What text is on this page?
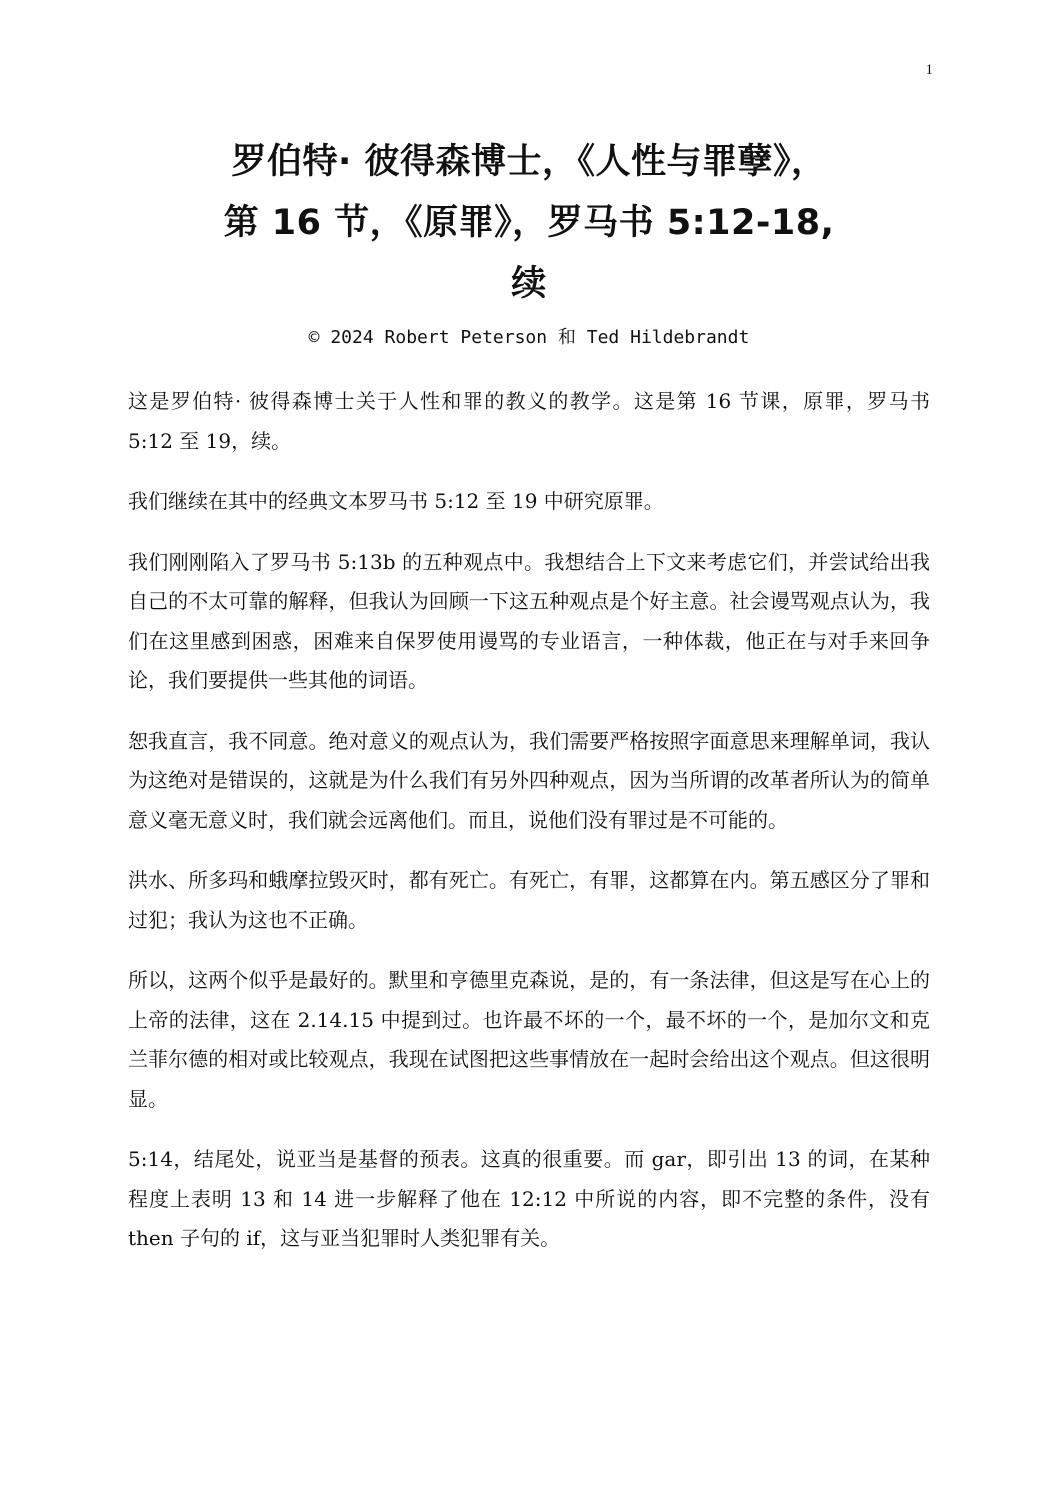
1
罗伯特· 彼得森博士，《人性与罪孽》，
第 16 节，《原罪》，罗马书 5:12-18,
续
© 2024 Robert Peterson 和 Ted Hildebrandt

这是罗伯特· 彼得森博士关于人性和罪的教义的教学。这是第 16 节课，原罪，罗马书 5:12 至 19，续。

我们继续在其中的经典文本罗马书 5:12 至 19 中研究原罪。

我们刚刚陷入了罗马书 5:13b 的五种观点中。我想结合上下文来考虑它们，并尝试给出我自己的不太可靠的解释，但我认为回顾一下这五种观点是个好主意。社会谩骂观点认为，我们在这里感到困惑，困难来自保罗使用谩骂的专业语言，一种体裁，他正在与对手来回争论，我们要提供一些其他的词语。

恕我直言，我不同意。绝对意义的观点认为，我们需要严格按照字面意思来理解单词，我认为这绝对是错误的，这就是为什么我们有另外四种观点，因为当所谓的改革者所认为的简单意义毫无意义时，我们就会远离他们。而且，说他们没有罪过是不可能的。

洪水、所多玛和蛾摩拉毁灭时，都有死亡。有死亡，有罪，这都算在内。第五感区分了罪和过犯；我认为这也不正确。

所以，这两个似乎是最好的。默里和亨德里克森说，是的，有一条法律，但这是写在心上的上帝的法律，这在 2.14.15 中提到过。也许最不坏的一个，最不坏的一个，是加尔文和克兰菲尔德的相对或比较观点，我现在试图把这些事情放在一起时会给出这个观点。但这很明显。

5:14，结尾处，说亚当是基督的预表。这真的很重要。而 gar，即引出 13 的词，在某种程度上表明 13 和 14 进一步解释了他在 12:12 中所说的内容，即不完整的条件，没有 then 子句的 if，这与亚当犯罪时人类犯罪有关。
